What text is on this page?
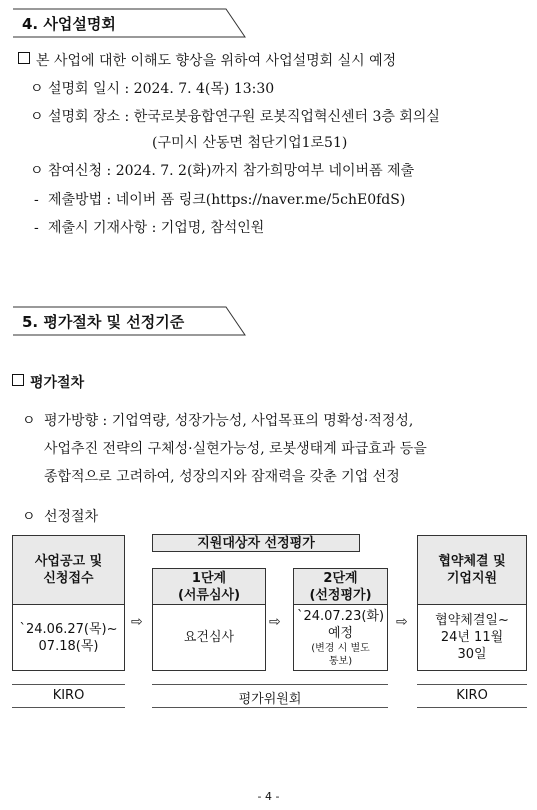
4. 사업설명회
본 사업에 대한 이해도 향상을 위하여 사업설명회 실시 예정
ㅇ 설명회 일시 : 2024. 7. 4(목) 13:30
ㅇ 설명회 장소 : 한국로봇융합연구원 로봇직업혁신센터 3층 회의실
(구미시 산동면 첨단기업1로51)
ㅇ 참여신청 : 2024. 7. 2(화)까지 참가희망여부 네이버폼 제출
- 제출방법 : 네이버 폼 링크(https://naver.me/5chE0fdS)
- 제출시 기재사항 : 기업명, 참석인원
5. 평가절차 및 선정기준
평가절차
ㅇ 평가방향 : 기업역량, 성장가능성, 사업목표의 명확성·적정성,
사업추진 전략의 구체성·실현가능성, 로봇생태계 파급효과 등을
종합적으로 고려하여, 성장의지와 잠재력을 갖춘 기업 선정
ㅇ 선정절차
지원대상자 선정평가
사업공고 및
신청접수
`24.06.27(목)~
07.18(목)
⇨
1단계
(서류심사)
요건심사
⇨
2단계
(선정평가)
`24.07.23(화)
예정
(변경 시 별도
통보)
⇨
협약체결 및
기업지원
협약체결일~
24년 11월
30일
KIRO	평가위원회	KIRO
- 4 -
